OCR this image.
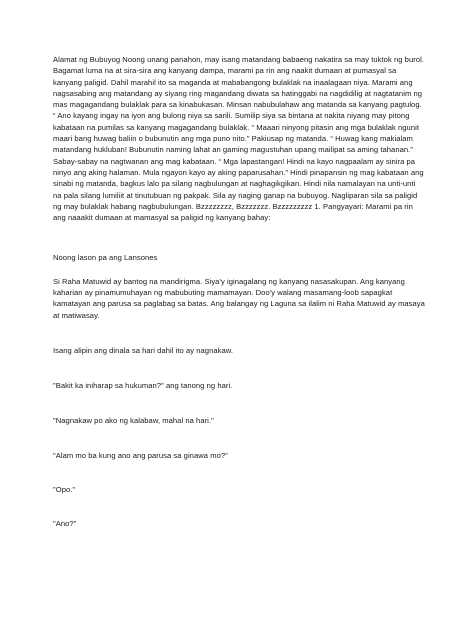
Alamat ng Bubuyog Noong unang panahon, may isang matandang babaeng nakatira sa may tuktok ng burol. Bagamat luma na at sira-sira ang kanyang dampa, marami pa rin ang naakit dumaan at pumasyal sa kanyang paligid. Dahil marahil ito sa maganda at mababangong bulaklak na inaalagaan niya. Marami ang nagsasabing ang matandang ay siyang ring magandang diwata sa hatinggabi na nagdidilig at nagtatanim ng mas magagandang bulaklak para sa kinabukasan. Minsan nabubulahaw ang matanda sa kanyang pagtulog. “ Ano kayang ingay na iyon ang bulong niya sa sarili. Sumilip siya sa bintana at nakita niyang may pitong kabataan na pumilas sa kanyang magagandang bulaklak. “ Maaari ninyong pitasin ang mga bulaklak ngunit maari bang huwag baliin o bubunutin ang mga puno nito.” Pakiusap ng matanda. “ Huwag kang makialam matandang hukluban! Bubunutin naming lahat an gaming magustuhan upang mailipat sa aming tahanan.” Sabay-sabay na nagtwanan ang mag kabataan. “ Mga lapastangan! Hindi na kayo nagpaalam ay sinira pa ninyo ang aking halaman. Mula ngayon kayo ay aking paparusahan.” Hindi pinapansin ng mag kabataan ang sinabi ng matanda, bagkus lalo pa silang nagbulungan at naghagikgikan. Hindi nila namalayan na unti-unti na pala silang lumiliit at tinutubuan ng pakpak. Sila ay naging ganap na bubuyog. Nagliparan sila sa paligid ng may bulaklak habang nagbubulungan. Bzzzzzzzz, Bzzzzzzz. Bzzzzzzzzz 1. Pangyayari: Marami pa rin ang naaakit dumaan at mamasyal sa paligid ng kanyang bahay:

Noong lason pa ang Lansones

Si Raha Matuwid ay bantog na mandirigma. Siya'y iginagalang ng kanyang nasasakupan. Ang kanyang kaharian ay pinamumuhayan ng mabubuting mamamayan. Doo'y walang masamang-loob sapagkat kamatayan ang parusa sa paglabag sa batas. Ang balangay ng Laguna sa ilalim ni Raha Matuwid ay masaya at matiwasay.

Isang alipin ang dinala sa hari dahil ito ay nagnakaw.

"Bakit ka iniharap sa hukuman?" ang tanong ng hari.

"Nagnakaw po ako ng kalabaw, mahal na hari."

"Alam mo ba kung ano ang parusa sa ginawa mo?"

"Opo."

"Ano?"
